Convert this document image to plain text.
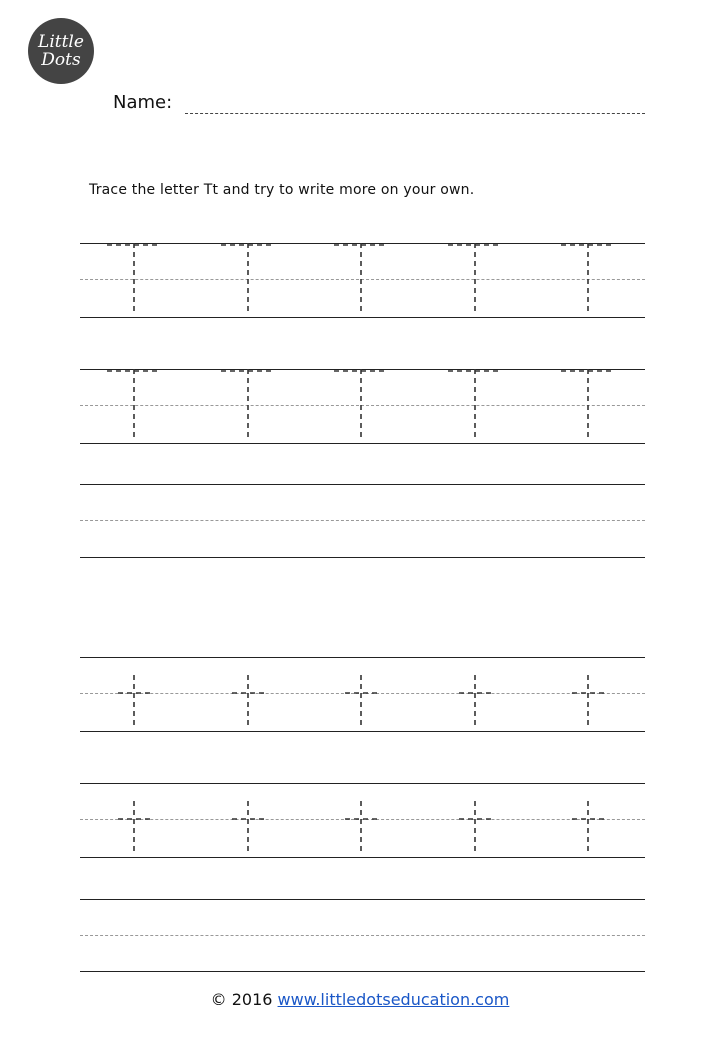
Little
Dots
Name:
Trace the letter Tt and try to write more on your own.
© 2016 www.littledotseducation.com
